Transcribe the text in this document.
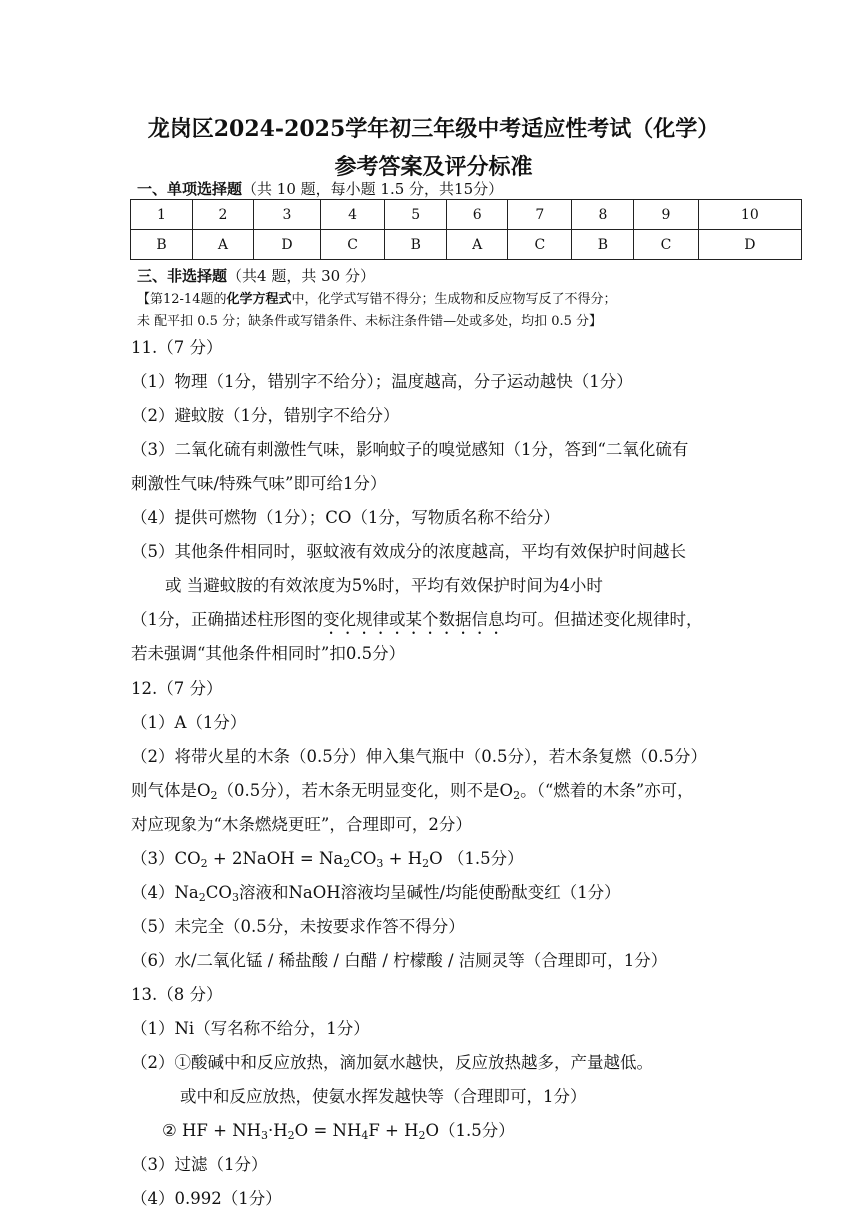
龙岗区2024-2025学年初三年级中考适应性考试（化学）
参考答案及评分标准
一、单项选择题（共 10 题，每小题 1.5 分，共15分）
1	2	3	4	5	6	7	8	9	10
B	A	D	C	B	A	C	B	C	D
三、非选择题（共4 题，共 30 分）
【第12-14题的化学方程式中，化学式写错不得分；生成物和反应物写反了不得分；
未 配平扣 0.5 分；缺条件或写错条件、未标注条件错—处或多处，均扣 0.5 分】
11.（7 分）
（1）物理（1分，错别字不给分）；温度越高，分子运动越快（1分）
（2）避蚊胺（1分，错别字不给分）
（3）二氧化硫有刺激性气味，影响蚊子的嗅觉感知（1分，答到“二氧化硫有
刺激性气味/特殊气味”即可给1分）
（4）提供可燃物（1分）；CO（1分，写物质名称不给分）
（5）其他条件相同时，驱蚊液有效成分的浓度越高，平均有效保护时间越长
或 当避蚊胺的有效浓度为5%时，平均有效保护时间为4小时
（1分，正确描述柱形图的变化规律或某个数据信息均可。但描述变化规律时，
若未强调“其他条件相同时”扣0.5分）
12.（7 分）
（1）A（1分）
（2）将带火星的木条（0.5分）伸入集气瓶中（0.5分），若木条复燃（0.5分）
则气体是$O_2(0.5$分），若木条无明显变化，则不是$O_2$。（“燃着的木条”亦可，
对应现象为“木条燃烧更旺”，合理即可，2分）
$(3)CO_2$ + 2NaOH = $Na_2CO_3 + H_2O$ （1.5分）
$(4)Na_2CO_3$溶液和NaOH溶液均呈碱性/均能使酚酞变红（1分）
（5）未完全（0.5分，未按要求作答不得分）
（6）水/二氧化锰 / 稀盐酸 / 白醋 / 柠檬酸 / 洁厕灵等（合理即可，1分）
13.（8 分）
（1）Ni（写名称不给分，1分）
（2）①酸碱中和反应放热，滴加氨水越快，反应放热越多，产量越低。
或中和反应放热，使氨水挥发越快等（合理即可，1分）
② HF + $NH_3\cdot H_2O = NH_4F + H_2O(1.5$分）
（3）过滤（1分）
（4）0.992（1分）
